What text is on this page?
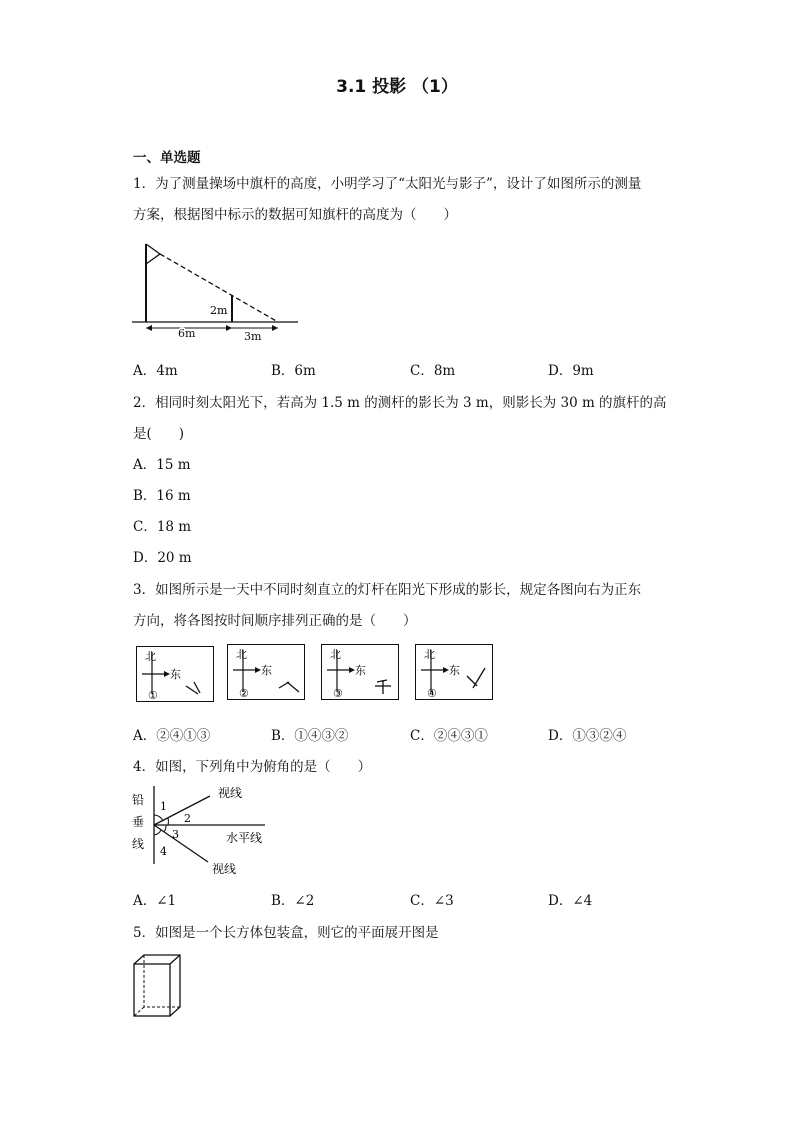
3.1 投影 （1）
一、单选题
1．为了测量操场中旗杆的高度，小明学习了“太阳光与影子”，设计了如图所示的测量
方案，根据图中标示的数据可知旗杆的高度为（　　）
2m
6m	3m
A．4m	B．6m	C．8m	D．9m
2．相同时刻太阳光下，若高为 1.5 m 的测杆的影长为 3 m，则影长为 30 m 的旗杆的高
是(　　)
A．15 m
B．16 m
C．18 m
D．20 m
3．如图所示是一天中不同时刻直立的灯杆在阳光下形成的影长，规定各图向右为正东
方向，将各图按时间顺序排列正确的是（　　）
北
东
①
北
东
②
北
东
③
北
东
④
A．②④①③	B．①④③②	C．②④③①	D．①③②④
4．如图，下列角中为俯角的是（　　）
铅
垂
线
1
2
3
4
视线
水平线
视线
A．∠1	B．∠2	C．∠3	D．∠4
5．如图是一个长方体包装盒，则它的平面展开图是
